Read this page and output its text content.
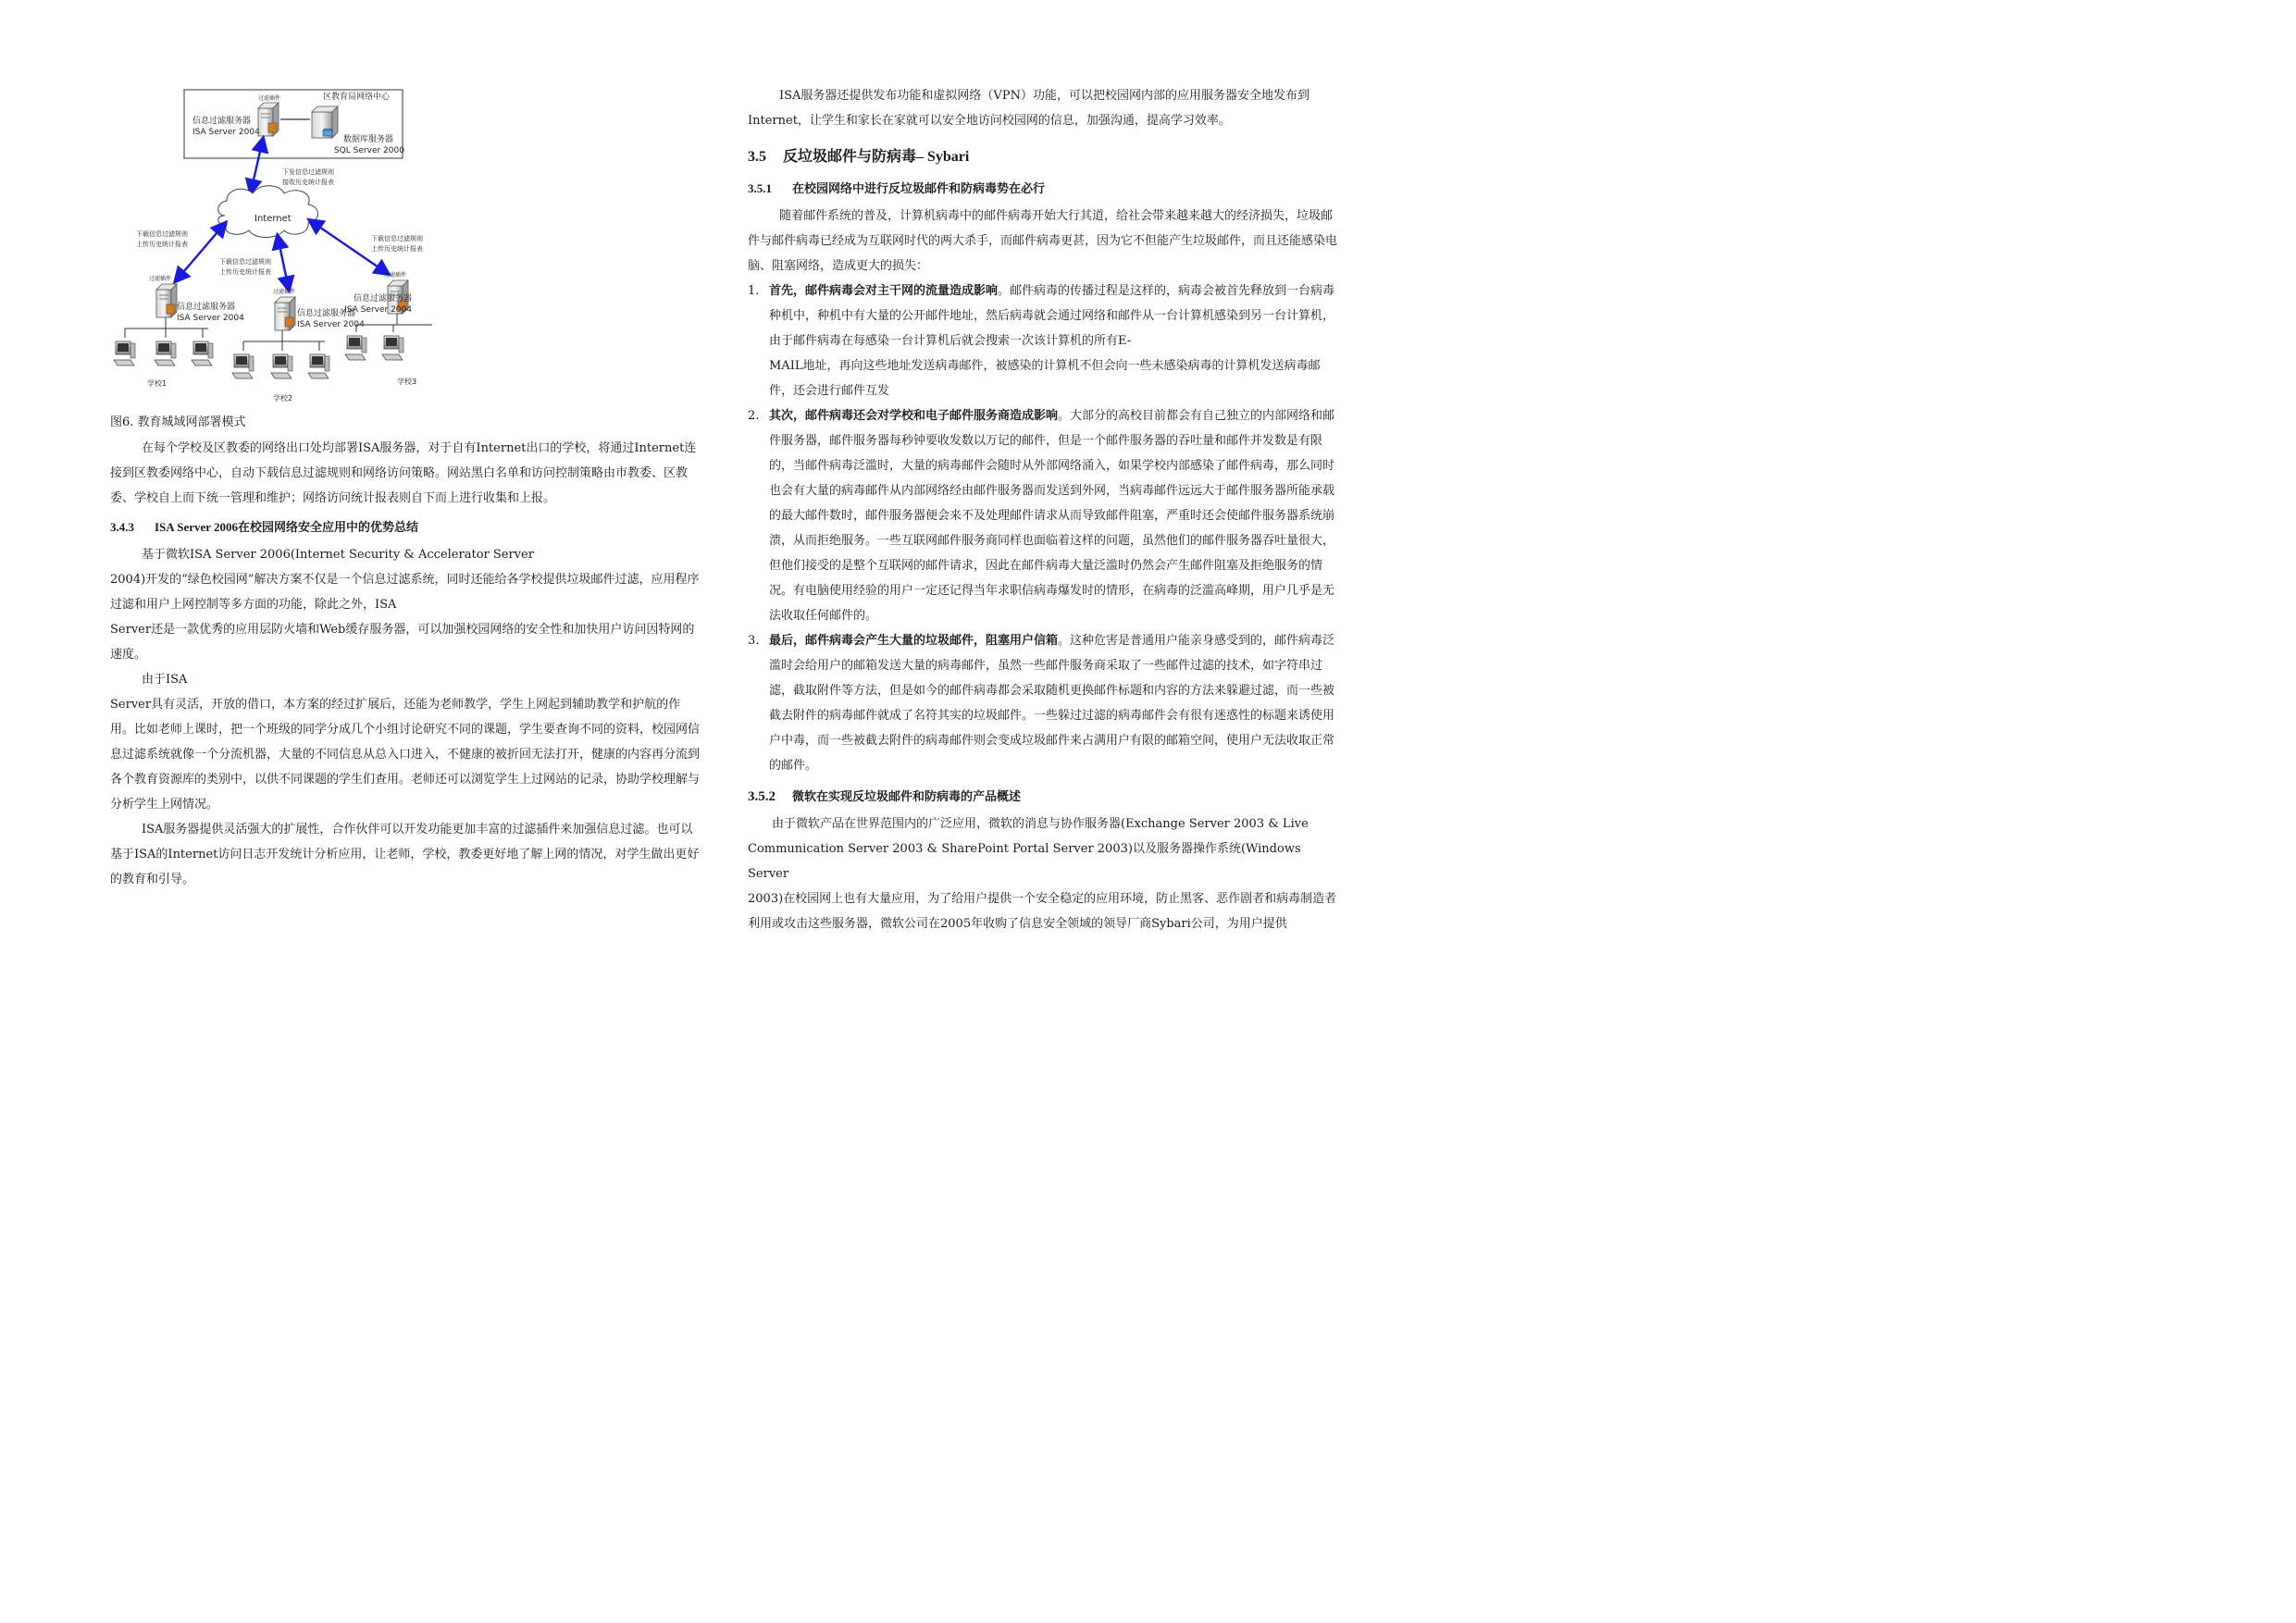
区教育局网络中心
过滤插件
信息过滤服务器
ISA Server 2004
数据库服务器
SQL Server 2000
下发信息过滤规则
接收历史统计报表
Internet
下载信息过滤规则
上传历史统计报表
下载信息过滤规则
上传历史统计报表
下载信息过滤规则
上传历史统计报表
过滤插件
信息过滤服务器
ISA Server 2004
学校1
过滤插件
信息过滤服务器
ISA Server 2004
学校2
过滤插件
信息过滤服务器
ISA Server 2004
学校3

图6. 教育城域网部署模式

在每个学校及区教委的网络出口处均部署ISA服务器，对于自有Internet出口的学校，将通过Internet连接到区教委网络中心，自动下载信息过滤规则和网络访问策略。网站黑白名单和访问控制策略由市教委、区教委、学校自上而下统一管理和维护；网络访问统计报表则自下而上进行收集和上报。

3.4.3 ISA Server 2006在校园网络安全应用中的优势总结

基于微软ISA Server 2006(Internet Security & Accelerator Server

2004)开发的“绿色校园网”解决方案不仅是一个信息过滤系统，同时还能给各学校提供垃圾邮件过滤，应用程序过滤和用户上网控制等多方面的功能，除此之外，ISA

Server还是一款优秀的应用层防火墙和Web缓存服务器，可以加强校园网络的安全性和加快用户访问因特网的速度。

由于ISA

Server具有灵活，开放的借口，本方案的经过扩展后，还能为老师教学，学生上网起到辅助教学和护航的作用。比如老师上课时，把一个班级的同学分成几个小组讨论研究不同的课题，学生要查询不同的资料，校园网信息过滤系统就像一个分流机器，大量的不同信息从总入口进入，不健康的被折回无法打开，健康的内容再分流到各个教育资源库的类别中，以供不同课题的学生们查用。老师还可以浏览学生上过网站的记录，协助学校理解与分析学生上网情况。

ISA服务器提供灵活强大的扩展性，合作伙伴可以开发功能更加丰富的过滤插件来加强信息过滤。也可以基于ISA的Internet访问日志开发统计分析应用，让老师，学校，教委更好地了解上网的情况，对学生做出更好的教育和引导。

ISA服务器还提供发布功能和虚拟网络（VPN）功能，可以把校园网内部的应用服务器安全地发布到Internet，让学生和家长在家就可以安全地访问校园网的信息，加强沟通，提高学习效率。

3.5 反垃圾邮件与防病毒– Sybari
3.5.1 在校园网络中进行反垃圾邮件和防病毒势在必行

随着邮件系统的普及，计算机病毒中的邮件病毒开始大行其道，给社会带来越来越大的经济损失，垃圾邮件与邮件病毒已经成为互联网时代的两大杀手，而邮件病毒更甚，因为它不但能产生垃圾邮件，而且还能感染电脑、阻塞网络，造成更大的损失：

1. 首先，邮件病毒会对主干网的流量造成影响。邮件病毒的传播过程是这样的，病毒会被首先释放到一台病毒种机中，种机中有大量的公开邮件地址，然后病毒就会通过网络和邮件从一台计算机感染到另一台计算机，由于邮件病毒在每感染一台计算机后就会搜索一次该计算机的所有E-
MAIL地址，再向这些地址发送病毒邮件，被感染的计算机不但会向一些未感染病毒的计算机发送病毒邮件，还会进行邮件互发
2. 其次，邮件病毒还会对学校和电子邮件服务商造成影响。大部分的高校目前都会有自己独立的内部网络和邮件服务器，邮件服务器每秒钟要收发数以万记的邮件，但是一个邮件服务器的吞吐量和邮件并发数是有限的，当邮件病毒泛滥时，大量的病毒邮件会随时从外部网络涌入，如果学校内部感染了邮件病毒，那么同时也会有大量的病毒邮件从内部网络经由邮件服务器而发送到外网，当病毒邮件远远大于邮件服务器所能承载的最大邮件数时，邮件服务器便会来不及处理邮件请求从而导致邮件阻塞，严重时还会使邮件服务器系统崩溃，从而拒绝服务。一些互联网邮件服务商同样也面临着这样的问题，虽然他们的邮件服务器吞吐量很大，但他们接受的是整个互联网的邮件请求，因此在邮件病毒大量泛滥时仍然会产生邮件阻塞及拒绝服务的情况。有电脑使用经验的用户一定还记得当年求职信病毒爆发时的情形，在病毒的泛滥高峰期，用户几乎是无法收取任何邮件的。
3. 最后，邮件病毒会产生大量的垃圾邮件，阻塞用户信箱。这种危害是普通用户能亲身感受到的，邮件病毒泛滥时会给用户的邮箱发送大量的病毒邮件，虽然一些邮件服务商采取了一些邮件过滤的技术，如字符串过滤，截取附件等方法，但是如今的邮件病毒都会采取随机更换邮件标题和内容的方法来躲避过滤，而一些被截去附件的病毒邮件就成了名符其实的垃圾邮件。一些躲过过滤的病毒邮件会有很有迷惑性的标题来诱使用户中毒，而一些被截去附件的病毒邮件则会变成垃圾邮件来占满用户有限的邮箱空间，使用户无法收取正常的邮件。
3.5.2 微软在实现反垃圾邮件和防病毒的产品概述

由于微软产品在世界范围内的广泛应用，微软的消息与协作服务器(Exchange Server 2003 & Live

Communication Server 2003 & SharePoint Portal Server 2003)以及服务器操作系统(Windows Server

2003)在校园网上也有大量应用，为了给用户提供一个安全稳定的应用环境，防止黑客、恶作剧者和病毒制造者利用或攻击这些服务器，微软公司在2005年收购了信息安全领域的领导厂商Sybari公司，为用户提供
